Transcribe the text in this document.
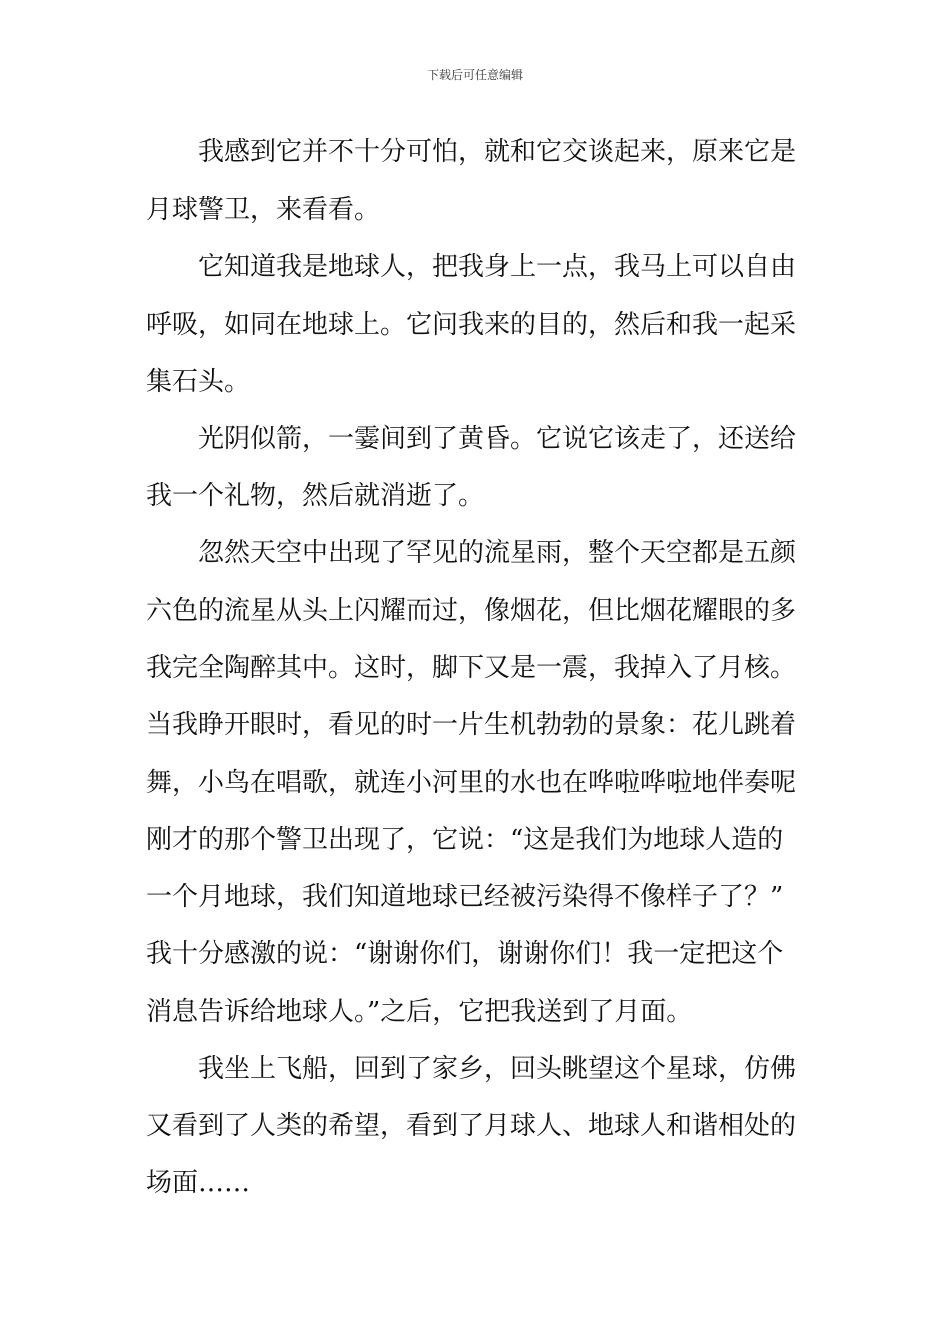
下载后可任意编辑
　　我感到它并不十分可怕，就和它交谈起来，原来它是
月球警卫，来看看。
　　它知道我是地球人，把我身上一点，我马上可以自由
呼吸，如同在地球上。它问我来的目的，然后和我一起采
集石头。
　　光阴似箭，一霎间到了黄昏。它说它该走了，还送给
我一个礼物，然后就消逝了。
　　忽然天空中出现了罕见的流星雨，整个天空都是五颜
六色的流星从头上闪耀而过，像烟花，但比烟花耀眼的多
我完全陶醉其中。这时，脚下又是一震，我掉入了月核。
当我睁开眼时，看见的时一片生机勃勃的景象：花儿跳着
舞，小鸟在唱歌，就连小河里的水也在哗啦哗啦地伴奏呢
刚才的那个警卫出现了，它说：“这是我们为地球人造的
一个月地球，我们知道地球已经被污染得不像样子了？”
我十分感激的说：“谢谢你们，谢谢你们！我一定把这个
消息告诉给地球人。”之后，它把我送到了月面。
　　我坐上飞船，回到了家乡，回头眺望这个星球，仿佛
又看到了人类的希望，看到了月球人、地球人和谐相处的
场面……
